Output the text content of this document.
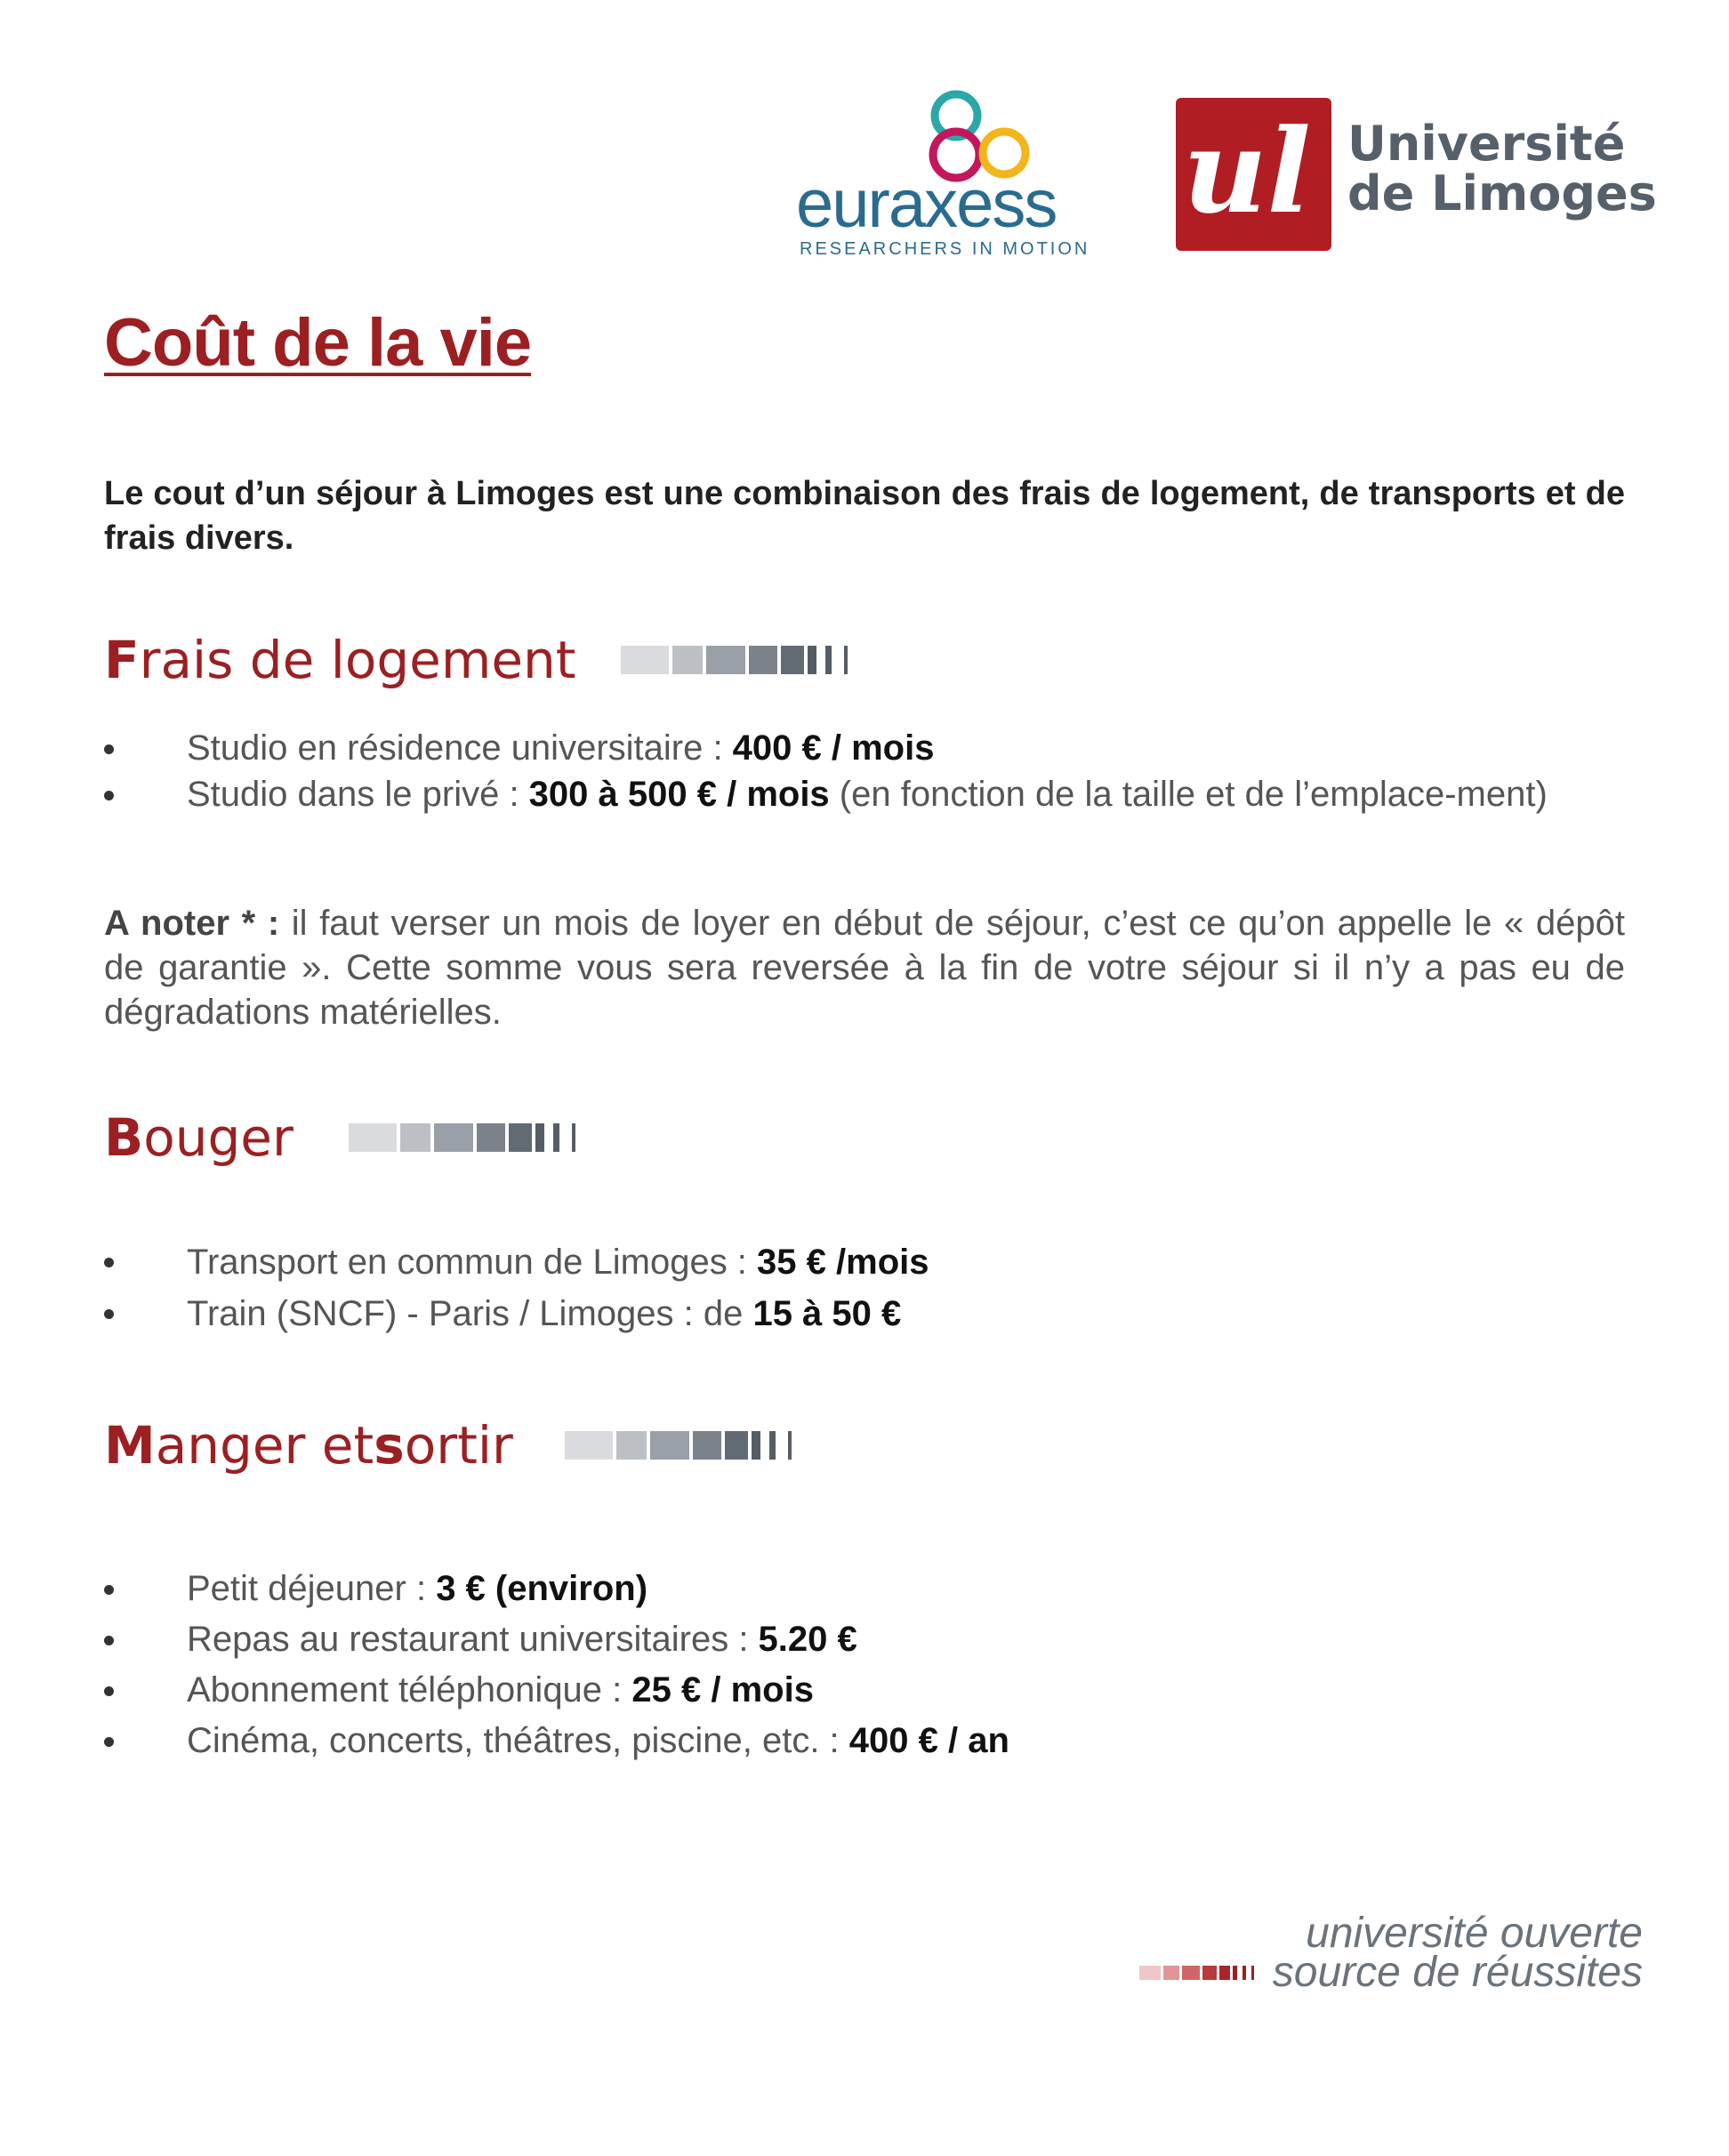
euraxess
RESEARCHERS IN MOTION
ul Université
de Limoges
Coût de la vie

Le cout d’un séjour à Limoges est une combinaison des frais de logement, de transports et de frais divers.

F rais de logement
Studio en résidence universitaire : 400 € / mois
Studio dans le privé : 300 à 500 € / mois (en fonction de la taille et de l’emplace-ment)

A noter * : il faut verser un mois de loyer en début de séjour, c’est ce qu’on appelle le « dépôt de garantie ». Cette somme vous sera reversée à la fin de votre séjour si il n’y a pas eu de dégradations matérielles.

B ouger
Transport en commun de Limoges : 35 € /mois
Train (SNCF) - Paris / Limoges : de 15 à 50 €
M anger et s ortir
Petit déjeuner : 3 € (environ)
Repas au restaurant universitaires : 5.20 €
Abonnement téléphonique : 25 € / mois
Cinéma, concerts, théâtres, piscine, etc. : 400 € / an
université ouverte
source de réussites
